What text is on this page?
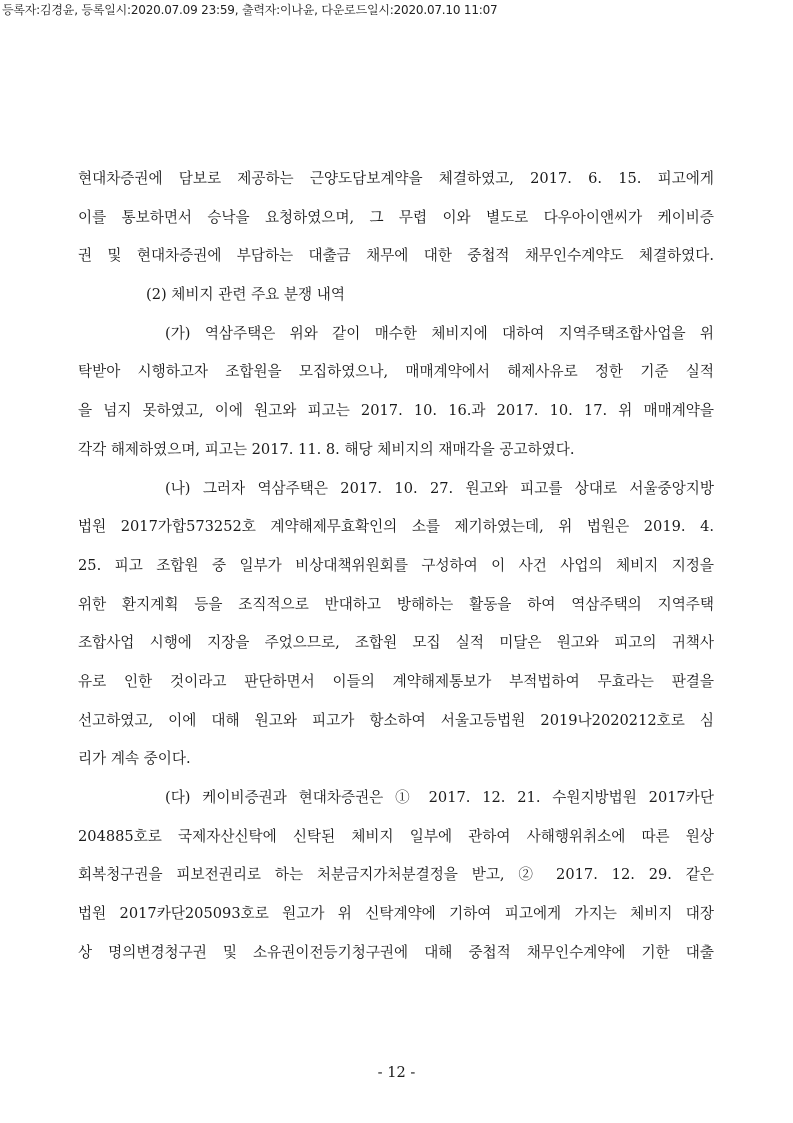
등록자:김경윤, 등록일시:2020.07.09 23:59, 출력자:이나윤, 다운로드일시:2020.07.10 11:07
현대차증권에 담보로 제공하는 근양도담보계약을 체결하였고, 2017. 6. 15. 피고에게
이를 통보하면서 승낙을 요청하였으며, 그 무렵 이와 별도로 다우아이앤씨가 케이비증
권 및 현대차증권에 부담하는 대출금 채무에 대한 중첩적 채무인수계약도 체결하였다.
(2) 체비지 관련 주요 분쟁 내역
(가) 역삼주택은 위와 같이 매수한 체비지에 대하여 지역주택조합사업을 위
탁받아 시행하고자 조합원을 모집하였으나, 매매계약에서 해제사유로 정한 기준 실적
을 넘지 못하였고, 이에 원고와 피고는 2017. 10. 16.과 2017. 10. 17. 위 매매계약을
각각 해제하였으며, 피고는 2017. 11. 8. 해당 체비지의 재매각을 공고하였다.
(나) 그러자 역삼주택은 2017. 10. 27. 원고와 피고를 상대로 서울중앙지방
법원 2017가합573252호 계약해제무효확인의 소를 제기하였는데, 위 법원은 2019. 4.
25. 피고 조합원 중 일부가 비상대책위원회를 구성하여 이 사건 사업의 체비지 지정을
위한 환지계획 등을 조직적으로 반대하고 방해하는 활동을 하여 역삼주택의 지역주택
조합사업 시행에 지장을 주었으므로, 조합원 모집 실적 미달은 원고와 피고의 귀책사
유로 인한 것이라고 판단하면서 이들의 계약해제통보가 부적법하여 무효라는 판결을
선고하였고, 이에 대해 원고와 피고가 항소하여 서울고등법원 2019나2020212호로 심
리가 계속 중이다.
(다) 케이비증권과 현대차증권은 ① 2017. 12. 21. 수원지방법원 2017카단
204885호로 국제자산신탁에 신탁된 체비지 일부에 관하여 사해행위취소에 따른 원상
회복청구권을 피보전권리로 하는 처분금지가처분결정을 받고, ② 2017. 12. 29. 같은
법원 2017카단205093호로 원고가 위 신탁계약에 기하여 피고에게 가지는 체비지 대장
상 명의변경청구권 및 소유권이전등기청구권에 대해 중첩적 채무인수계약에 기한 대출
- 12 -
